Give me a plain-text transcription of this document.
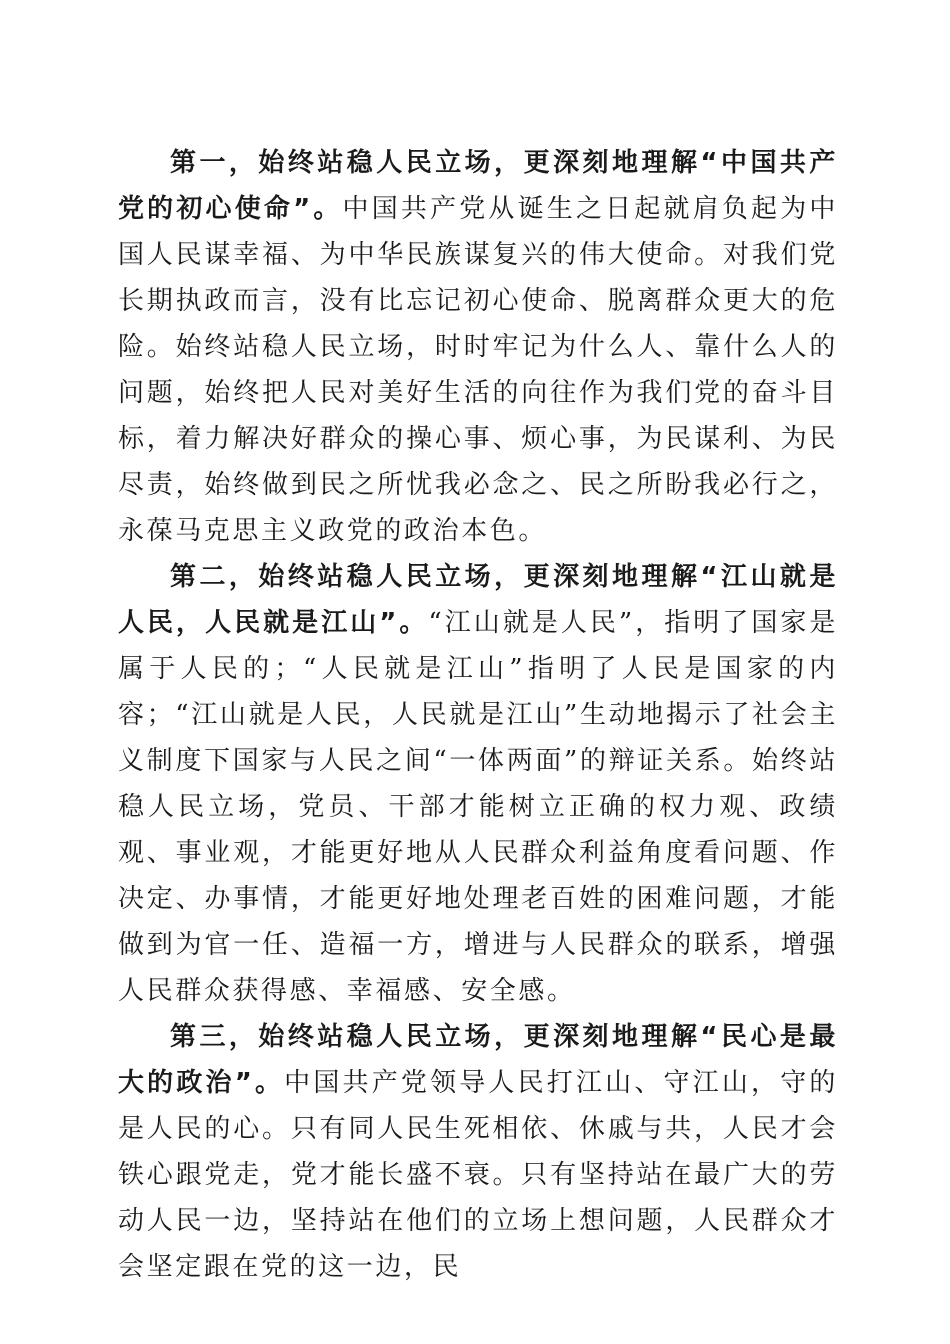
第一，始终站稳人民立场，更深刻地理解“中国共产党的初心使命”。中国共产党从诞生之日起就肩负起为中国人民谋幸福、为中华民族谋复兴的伟大使命。对我们党长期执政而言，没有比忘记初心使命、脱离群众更大的危险。始终站稳人民立场，时时牢记为什么人、靠什么人的问题，始终把人民对美好生活的向往作为我们党的奋斗目标，着力解决好群众的操心事、烦心事，为民谋利、为民尽责，始终做到民之所忧我必念之、民之所盼我必行之，永葆马克思主义政党的政治本色。

第二，始终站稳人民立场，更深刻地理解“江山就是人民，人民就是江山”。“江山就是人民”，指明了国家是属于人民的；“人民就是江山”指明了人民是国家的内容；“江山就是人民，人民就是江山”生动地揭示了社会主义制度下国家与人民之间“一体两面”的辩证关系。始终站稳人民立场，党员、干部才能树立正确的权力观、政绩观、事业观，才能更好地从人民群众利益角度看问题、作决定、办事情，才能更好地处理老百姓的困难问题，才能做到为官一任、造福一方，增进与人民群众的联系，增强人民群众获得感、幸福感、安全感。

第三，始终站稳人民立场，更深刻地理解“民心是最大的政治”。中国共产党领导人民打江山、守江山，守的是人民的心。只有同人民生死相依、休戚与共，人民才会铁心跟党走，党才能长盛不衰。只有坚持站在最广大的劳动人民一边，坚持站在他们的立场上想问题，人民群众才会坚定跟在党的这一边，民
